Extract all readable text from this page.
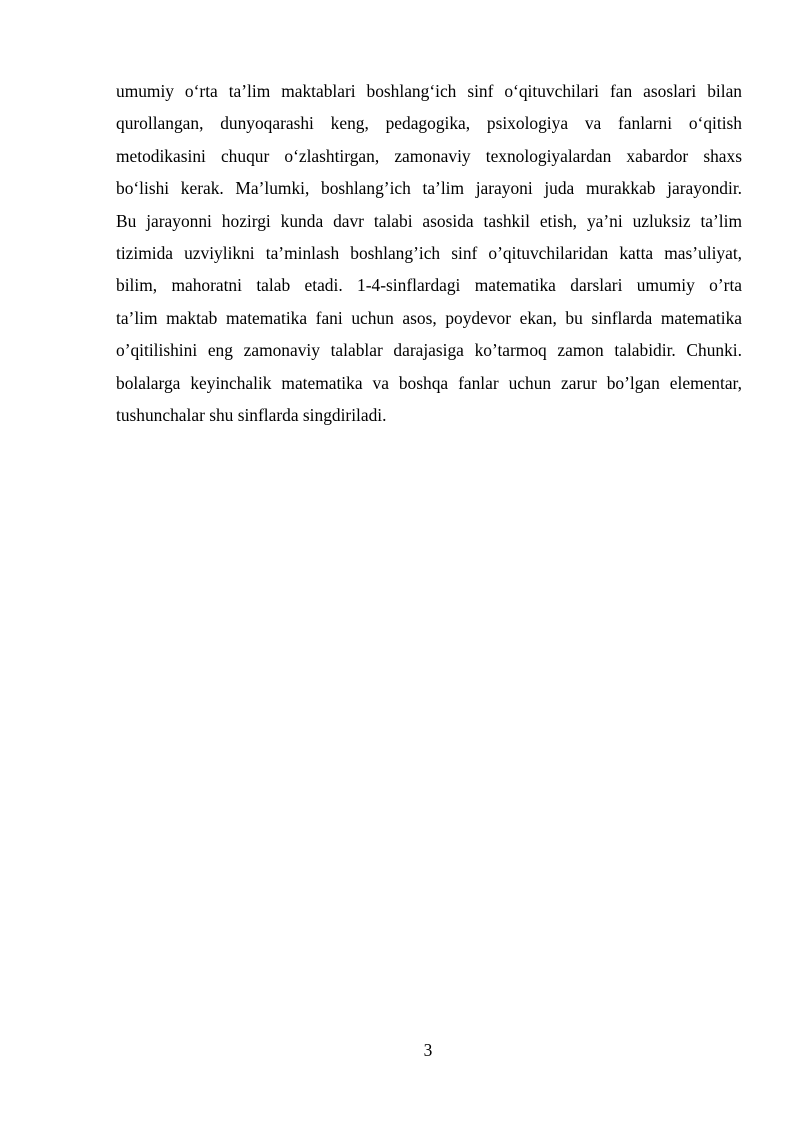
umumiy o‘rta ta’lim maktablari boshlang‘ich sinf o‘qituvchilari fan asoslari bilan
qurollangan, dunyoqarashi keng, pedagogika, psixologiya va fanlarni o‘qitish
metodikasini chuqur o‘zlashtirgan, zamonaviy texnologiyalardan xabardor shaxs
bo‘lishi kerak. Ma’lumki, boshlang’ich ta’lim jarayoni juda murakkab jarayondir.
Bu jarayonni hozirgi kunda davr talabi asosida tashkil etish, ya’ni uzluksiz ta’lim
tizimida uzviylikni ta’minlash boshlang’ich sinf o’qituvchilaridan katta mas’uliyat,
bilim, mahoratni talab etadi. 1-4-sinflardagi matematika darslari umumiy o’rta
ta’lim maktab matematika fani uchun asos, poydevor ekan, bu sinflarda matematika
o’qitilishini eng zamonaviy talablar darajasiga ko’tarmoq zamon talabidir. Chunki.
bolalarga keyinchalik matematika va boshqa fanlar uchun zarur bo’lgan elementar,
tushunchalar shu sinflarda singdiriladi.
3
